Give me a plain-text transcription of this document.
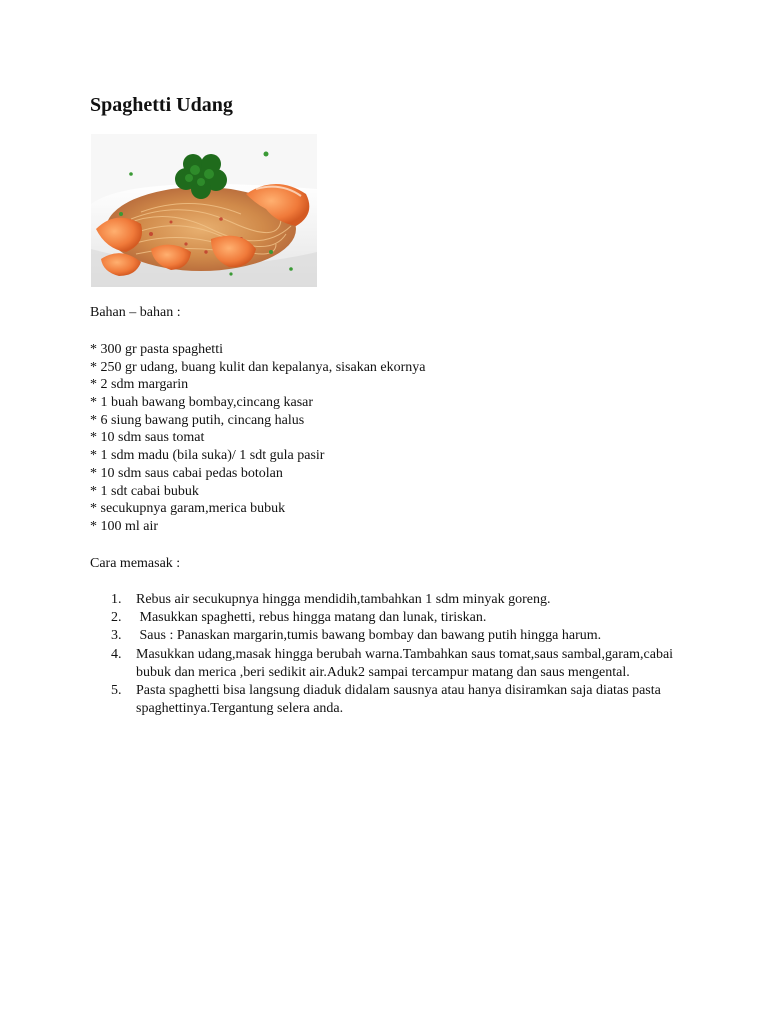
Spaghetti Udang

Bahan – bahan :

* 300 gr pasta spaghetti
* 250 gr udang, buang kulit dan kepalanya, sisakan ekornya
* 2 sdm margarin
* 1 buah bawang bombay,cincang kasar
* 6 siung bawang putih, cincang halus
* 10 sdm saus tomat
* 1 sdm madu (bila suka)/ 1 sdt gula pasir
* 10 sdm saus cabai pedas botolan
* 1 sdt cabai bubuk
* secukupnya garam,merica bubuk
* 100 ml air

Cara memasak :

1. Rebus air secukupnya hingga mendidih,tambahkan 1 sdm minyak goreng.
2. Masukkan spaghetti, rebus hingga matang dan lunak, tiriskan.
3. Saus : Panaskan margarin,tumis bawang bombay dan bawang putih hingga harum.
4. Masukkan udang,masak hingga berubah warna.Tambahkan saus tomat,saus sambal,garam,cabai bubuk dan merica ,beri sedikit air.Aduk2 sampai tercampur matang dan saus mengental.
5. Pasta spaghetti bisa langsung diaduk didalam sausnya atau hanya disiramkan saja diatas pasta spaghettinya.Tergantung selera anda.
